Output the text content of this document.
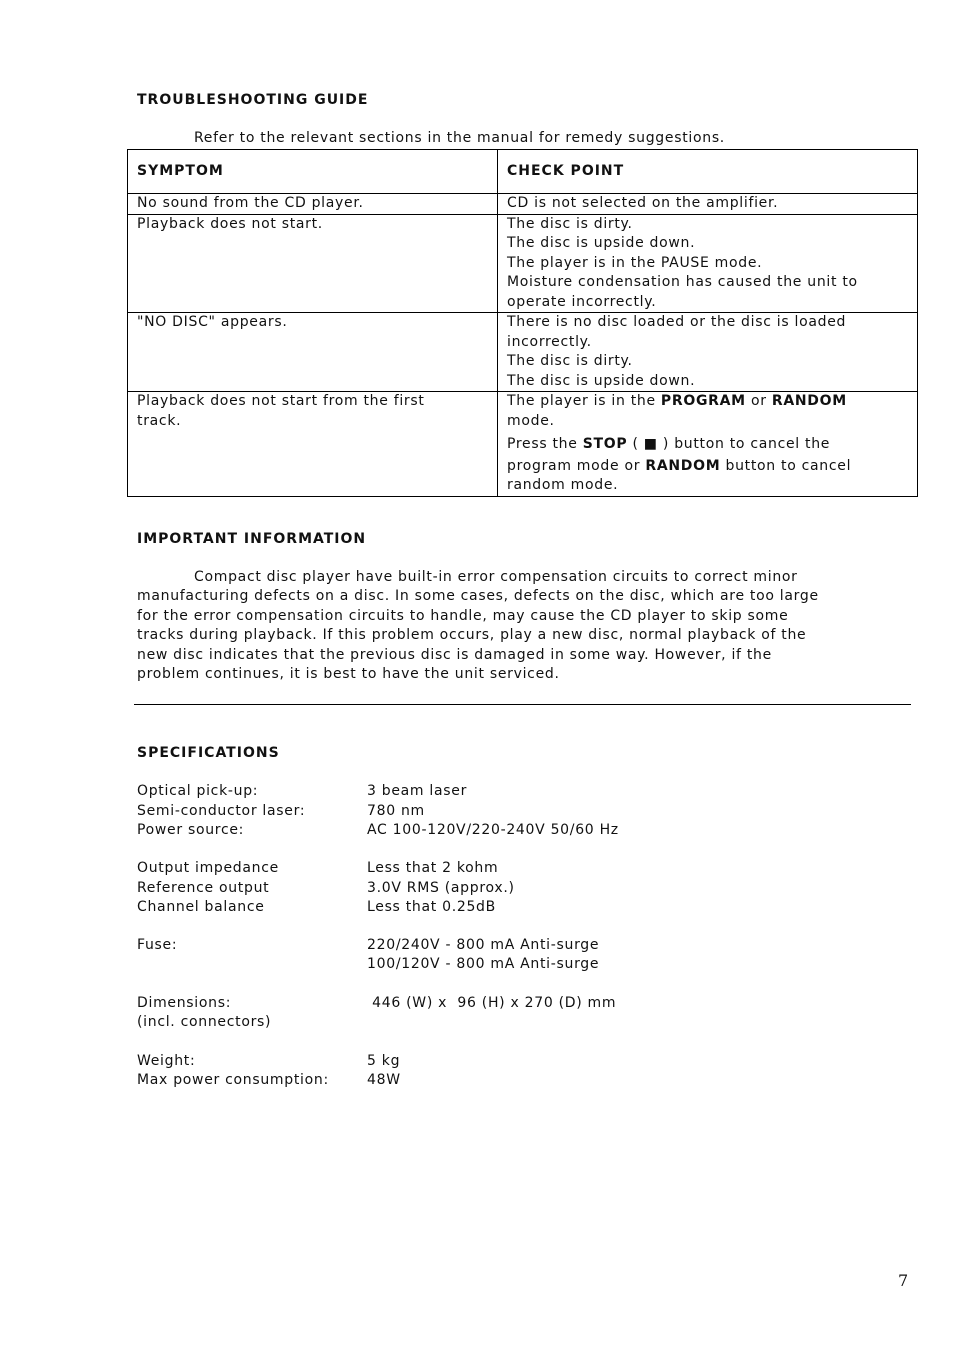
TROUBLESHOOTING GUIDE
Refer to the relevant sections in the manual for remedy suggestions.
SYMPTOM	CHECK POINT
No sound from the CD player.	CD is not selected on the amplifier.

Playback does not start.	The disc is dirty.
The disc is upside down.
The player is in the PAUSE mode.
Moisture condensation has caused the unit to
operate incorrectly.

"NO DISC" appears.	There is no disc loaded or the disc is loaded
incorrectly.
The disc is dirty.
The disc is upside down.

Playback does not start from the first
track.	The player is in the PROGRAM or RANDOM
mode.
Press the STOP ( ■ ) button to cancel the
program mode or RANDOM button to cancel
random mode.
IMPORTANT INFORMATION
Compact disc player have built-in error compensation circuits to correct minor
manufacturing defects on a disc. In some cases, defects on the disc, which are too large
for the error compensation circuits to handle, may cause the CD player to skip some
tracks during playback. If this problem occurs, play a new disc, normal playback of the
new disc indicates that the previous disc is damaged in some way. However, if the
problem continues, it is best to have the unit serviced.
SPECIFICATIONS
Optical pick-up:	3 beam laser
Semi-conductor laser:	780 nm
Power source:	AC 100-120V/220-240V 50/60 Hz
Output impedance	Less that 2 kohm
Reference output	3.0V RMS (approx.)
Channel balance	Less that 0.25dB
Fuse:	220/240V - 800 mA Anti-surge
100/120V - 800 mA Anti-surge
Dimensions:	446 (W) x  96 (H) x 270 (D) mm
(incl. connectors)
Weight:	5 kg
Max power consumption:	48W
7
